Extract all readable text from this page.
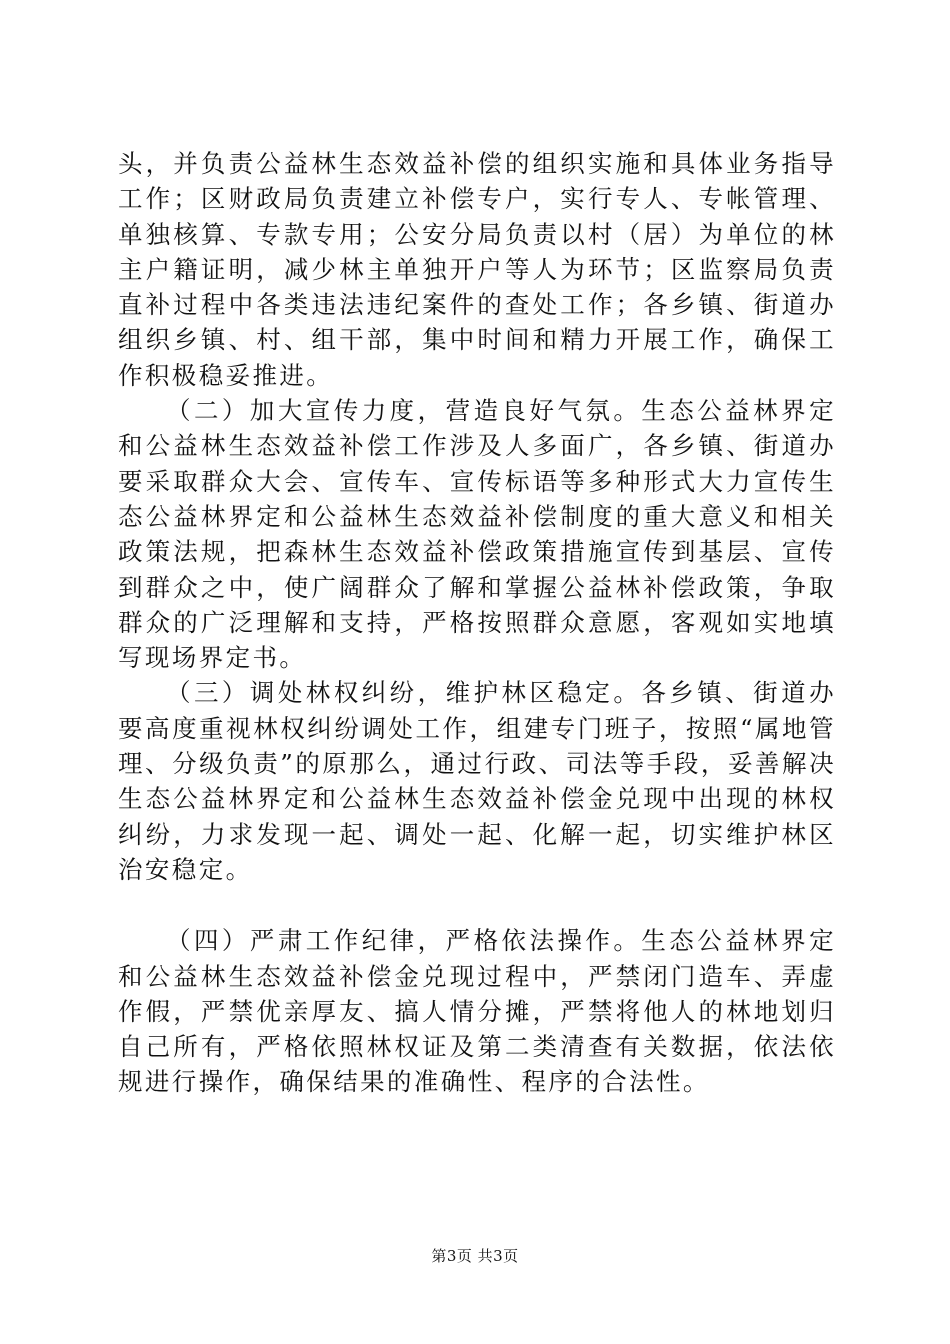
头，并负责公益林生态效益补偿的组织实施和具体业务指导工作；区财政局负责建立补偿专户，实行专人、专帐管理、单独核算、专款专用；公安分局负责以村（居）为单位的林主户籍证明，减少林主单独开户等人为环节；区监察局负责直补过程中各类违法违纪案件的查处工作；各乡镇、街道办组织乡镇、村、组干部，集中时间和精力开展工作，确保工作积极稳妥推进。

（二）加大宣传力度，营造良好气氛。生态公益林界定和公益林生态效益补偿工作涉及人多面广，各乡镇、街道办要采取群众大会、宣传车、宣传标语等多种形式大力宣传生态公益林界定和公益林生态效益补偿制度的重大意义和相关政策法规，把森林生态效益补偿政策措施宣传到基层、宣传到群众之中，使广阔群众了解和掌握公益林补偿政策，争取群众的广泛理解和支持，严格按照群众意愿，客观如实地填写现场界定书。

（三）调处林权纠纷，维护林区稳定。各乡镇、街道办要高度重视林权纠纷调处工作，组建专门班子，按照“属地管理、分级负责”的原那么，通过行政、司法等手段，妥善解决生态公益林界定和公益林生态效益补偿金兑现中出现的林权纠纷，力求发现一起、调处一起、化解一起，切实维护林区治安稳定。

（四）严肃工作纪律，严格依法操作。生态公益林界定和公益林生态效益补偿金兑现过程中，严禁闭门造车、弄虚作假，严禁优亲厚友、搞人情分摊，严禁将他人的林地划归自己所有，严格依照林权证及第二类清查有关数据，依法依规进行操作，确保结果的准确性、程序的合法性。

第3页 共3页
